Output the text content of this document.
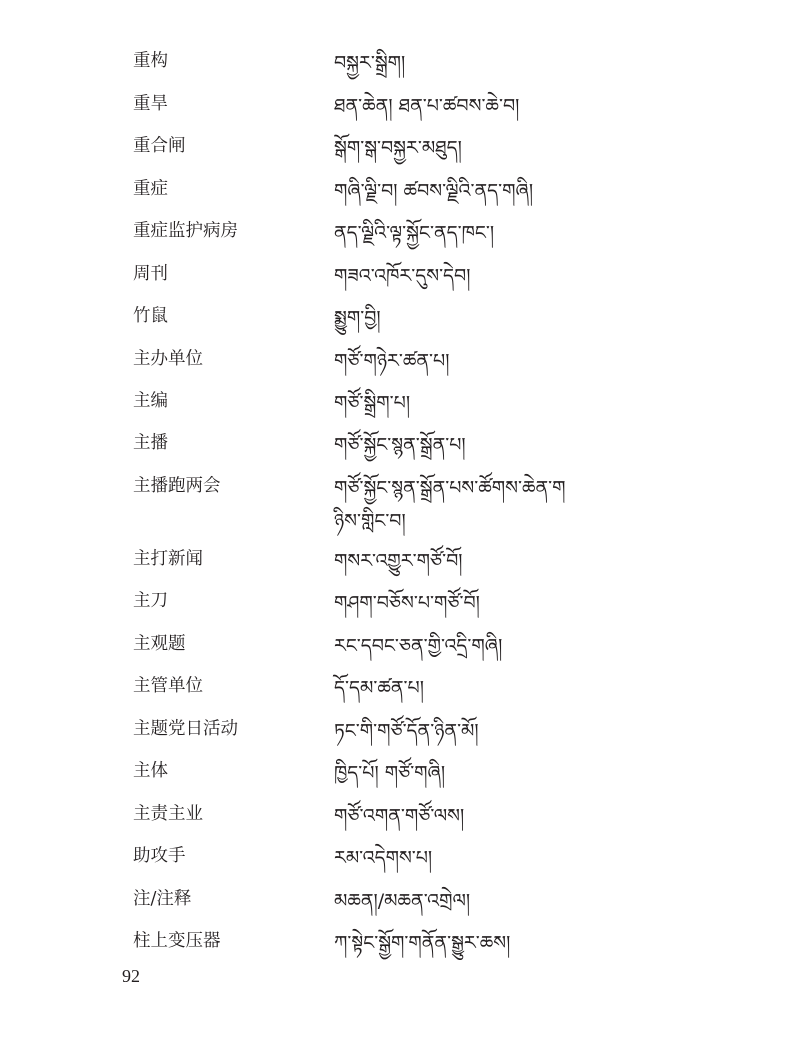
重构	བསྐྱར་སྒྲིག།
重旱	ཐན་ཆེན། ཐན་པ་ཚབས་ཆེ་བ།
重合闸	སྒོག་སྒ་བསྐྱར་མཐུད།
重症	གཞི་ལྗི་བ། ཚབས་ལྗིའི་ནད་གཞི།
重症监护病房	ནད་ལྗིའི་ལྟ་སྐྱོང་ནད་ཁང་།
周刊	གཟའ་འཁོར་དུས་དེབ།
竹鼠	སྨྱུག་བྱི།
主办单位	གཙོ་གཉེར་ཚན་པ།
主编	གཙོ་སྒྲིག་པ།
主播	གཙོ་སྐྱོང་སྙན་སྒྲོན་པ།
主播跑两会	གཙོ་སྐྱོང་སྙན་སྒྲོན་པས་ཚོགས་ཆེན་གཉིས་གླིང་བ།
主打新闻	གསར་འགྱུར་གཙོ་བོ།
主刀	གཤག་བཅོས་པ་གཙོ་བོ།
主观题	རང་དབང་ཅན་གྱི་འདྲི་གཞི།
主管单位	དོ་དམ་ཚན་པ།
主题党日活动	ཏང་གི་གཙོ་དོན་ཉིན་མོ།
主体	ཁྱིད་པོ། གཙོ་གཞི།
主责主业	གཙོ་འགན་གཙོ་ལས།
助攻手	རམ་འདེགས་པ།
注/注释	མཆན།/མཆན་འགྲེལ།
柱上变压器	ཀ་སྟེང་སྒྱོག་གནོན་སྒྱུར་ཆས།
92
